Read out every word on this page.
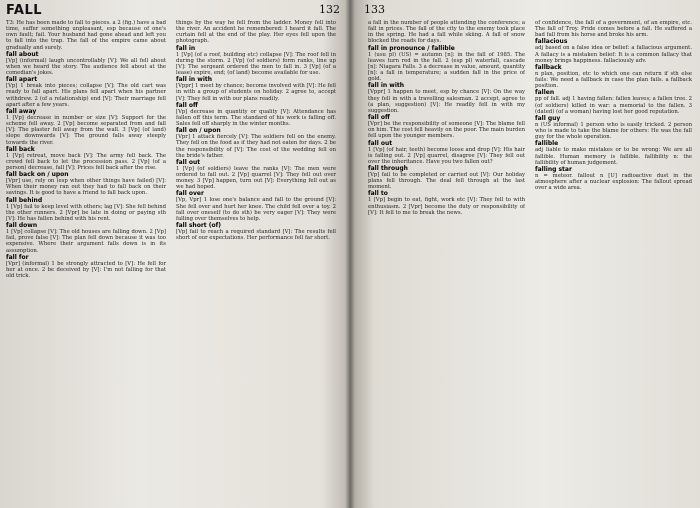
FALL	132

T3: He has been made to fall to pieces. a 2 (fig.) have a bad time, suffer something unpleasant, esp because of one's own fault; fail. Your husband had gone ahead and left you to fall into the trap. The fall of the empire came about gradually and surely.

fall about
[Vp] (informal) laugh uncontrollably [V]: We all fell about when we heard the story. The audience fell about at the comedian's jokes.

fall apart
[Vp] 1 break into pieces; collapse [V]: The old cart was ready to fall apart. His plans fell apart when his partner withdrew. 2 (of a relationship) end [V]: Their marriage fell apart after a few years.

fall away
1 [Vp] decrease in number or size [V]: Support for the scheme fell away. 2 [Vp] become separated from and fall [V]: The plaster fell away from the wall. 3 [Vp] (of land) slope downwards [V]: The ground falls away steeply towards the river.

fall back
1 [Vp] retreat, move back [V]: The army fell back. The crowd fell back to let the procession pass. 2 [Vp] (of a person) decrease, fall [V]: Prices fell back after the rise.

fall back on / upon
[Vpr] use, rely on (esp when other things have failed) [V]: When their money ran out they had to fall back on their savings. It is good to have a friend to fall back upon.

fall behind
1 [Vp] fail to keep level with others; lag [V]: She fell behind the other runners. 2 [Vpr] be late in doing or paying sth [V]: He has fallen behind with his rent.

fall down
1 [Vp] collapse [V]: The old houses are falling down. 2 [Vp] fail, prove false [V]: The plan fell down because it was too expensive. Where their argument falls down is in its assumption.

fall for
[Vpr] (informal) 1 be strongly attracted to [V]: He fell for her at once. 2 be deceived by [V]: I'm not falling for that old trick.

things by the way he fell from the ladder. Money fell into the river. An accident he remembered: I heard it fall. The curtain fell at the end of the play. Her eyes fell upon the photograph.

fall in
1 [Vp] (of a roof, building etc) collapse [V]: The roof fell in during the storm. 2 [Vp] (of soldiers) form ranks, line up [V]: The sergeant ordered the men to fall in. 3 [Vp] (of a lease) expire, end; (of land) become available for use.

fall in with
[Vppr] 1 meet by chance; become involved with [V]: He fell in with a group of students on holiday. 2 agree to, accept [V]: They fell in with our plans readily.

fall off
[Vp] decrease in quantity or quality [V]: Attendance has fallen off this term. The standard of his work is falling off. Sales fell off sharply in the winter months.

fall on / upon
[Vpr] 1 attack fiercely [V]: The soldiers fell on the enemy. They fell on the food as if they had not eaten for days. 2 be the responsibility of [V]: The cost of the wedding fell on the bride's father.

fall out
1 [Vp] (of soldiers) leave the ranks [V]: The men were ordered to fall out. 2 [Vp] quarrel [V]: They fell out over money. 3 [Vp] happen, turn out [V]: Everything fell out as we had hoped.

fall over
[Vp, Vpr] 1 lose one's balance and fall to the ground [V]: She fell over and hurt her knee. The child fell over a toy. 2 fall over oneself (to do sth) be very eager [V]: They were falling over themselves to help.

fall short (of)
[Vp] fail to reach a required standard [V]: The results fell short of our expectations. Her performance fell far short.

133

a fall in the number of people attending the conference; a fall in prices. The fall of the city to the enemy took place in the spring. He had a fall while skiing. A fall of snow blocked the roads for days.

fall in pronounce / fallible
1 (usu pl) (US) = autumn [n]: in the fall of 1985. The leaves turn red in the fall. 2 (esp pl) waterfall, cascade [n]: Niagara Falls. 3 a decrease in value, amount, quantity [n]: a fall in temperature; a sudden fall in the price of gold.

fall in with
[Vppr] 1 happen to meet, esp by chance [V]: On the way they fell in with a travelling salesman. 2 accept, agree to (a plan, suggestion) [V]: He readily fell in with my suggestion.

fall off
[Vpr] be the responsibility of someone [V]: The blame fell on him. The cost fell heavily on the poor. The main burden fell upon the younger members.

fall out
1 [Vp] (of hair, teeth) become loose and drop [V]: His hair is falling out. 2 [Vp] quarrel, disagree [V]: They fell out over the inheritance. Have you two fallen out?

fall through
[Vp] fail to be completed or carried out [V]: Our holiday plans fell through. The deal fell through at the last moment.

fall to
1 [Vp] begin to eat, fight, work etc [V]: They fell to with enthusiasm. 2 [Vpr] become the duty or responsibility of [V]: It fell to me to break the news.

of confidence, the fall of a government, of an empire, etc. The fall of Troy. Pride comes before a fall. He suffered a bad fall from his horse and broke his arm.

fallacious
adj based on a false idea or belief: a fallacious argument. A fallacy is a mistaken belief: It is a common fallacy that money brings happiness. fallaciously adv.

fallback
n plan, position, etc to which one can return if sth else fails: We need a fallback in case the plan fails. a fallback position.

fallen
pp of fall. adj 1 having fallen: fallen leaves; a fallen tree. 2 (of soldiers) killed in war: a memorial to the fallen. 3 (dated) (of a woman) having lost her good reputation.

fall guy
n (US informal) 1 person who is easily tricked. 2 person who is made to take the blame for others: He was the fall guy for the whole operation.

fallible
adj liable to make mistakes or to be wrong: We are all fallible. Human memory is fallible. fallibility n: the fallibility of human judgement.

falling star
n = meteor. fallout n [U] radioactive dust in the atmosphere after a nuclear explosion: The fallout spread over a wide area.
